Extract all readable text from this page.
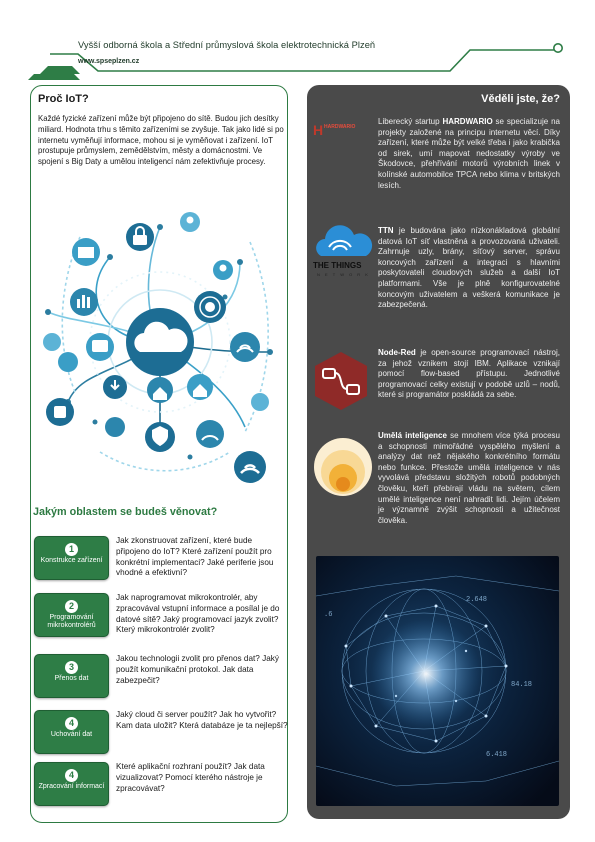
Vyšší odborná škola a Střední průmyslová škola elektrotechnická Plzeň
www.spseplzen.cz
Proč IoT?
Každé fyzické zařízení může být připojeno do sítě. Budou jich desítky miliard. Hodnota trhu s těmito zařízeními se zvyšuje. Tak jako lidé si po internetu vyměňují informace, mohou si je vyměňovat i zařízení. IoT prostupuje průmyslem, zemědělstvím, městy a domácnostmi. Ve spojení s Big Daty a umělou inteligencí nám zefektivňuje procesy.
Jakým oblastem se budeš věnovat?
1
Konstrukce zařízení
Jak zkonstruovat zařízení, které bude připojeno do IoT? Které zařízení použít pro konkrétní implementaci? Jaké periferie jsou vhodné a efektivní?
2
Programování mikrokontrolérů
Jak naprogramovat mikrokontrolér, aby zpracovával vstupní informace a posílal je do datové sítě? Jaký programovací jazyk zvolit? Který mikrokontrolér zvolit?
3
Přenos dat
Jakou technologii zvolit pro přenos dat? Jaký použít komunikační protokol. Jak data zabezpečit?
4
Uchování dat
Jaký cloud či server použít? Jak ho vytvořit? Kam data uložit? Která databáze je ta nejlepší?
4
Zpracování informací
Které aplikační rozhraní použít? Jak data vizualizovat? Pomocí kterého nástroje je zpracovávat?
Věděli jste, že?
H HARDWARIO
Liberecký startup HARDWARIO se specializuje na projekty založené na principu internetu věcí. Díky zařízení, které může být velké třeba i jako krabička od sirek, umí mapovat nedostatky výroby ve Škodovce, přehřívání motorů výrobních linek v kolínské automobilce TPCA nebo klima v britských lesích.
THE THINGS
N E T W O R K
TTN je budována jako nízkonákladová globální datová IoT síť vlastněná a provozovaná uživateli. Zahrnuje uzly, brány, síťový server, správu koncových zařízení a integraci s hlavními poskytovateli cloudových služeb a další IoT platformami. Vše je plně konfigurovatelné koncovým uživatelem a veškerá komunikace je zabezpečená.
Node-Red je open-source programovací nástroj, za jehož vznikem stojí IBM. Aplikace vznikají pomocí flow-based přístupu. Jednotlivé programovací celky existují v podobě uzlů – nodů, které si programátor poskládá za sebe.
Umělá inteligence se mnohem více týká procesu a schopnosti mimořádné vyspělého myšlení a analýzy dat než nějakého konkrétního formátu nebo funkce. Přestože umělá inteligence v nás vyvolává představu složitých robotů podobných člověku, kteří přebírají vládu na světem, cílem umělé inteligence není nahradit lidi. Jejím účelem je významně zvýšit schopnosti a užitečnost člověka.
2.648
6.418
.6
84.18
